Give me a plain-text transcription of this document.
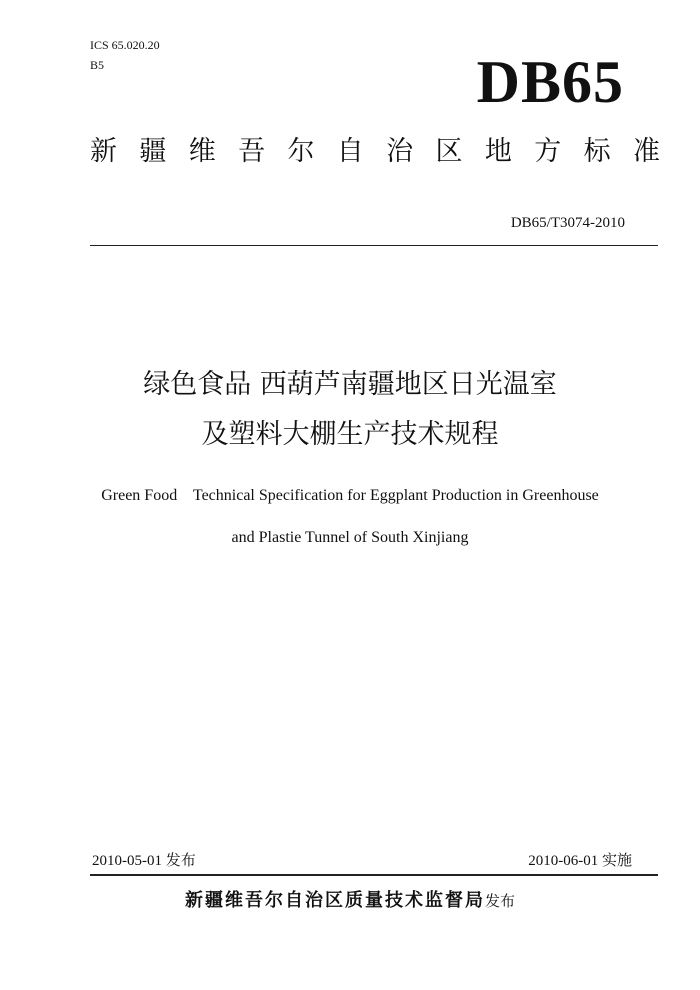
ICS 65.020.20
B5	DB65
新 疆 维 吾 尔 自 治 区 地 方 标 准
DB65/T3074-2010
绿色食品 西葫芦南疆地区日光温室
及塑料大棚生产技术规程
Green Food    Technical Specification for Eggplant Production in Greenhouse
and Plastie Tunnel of South Xinjiang
2010-05-01 发布	2010-06-01 实施
新疆维吾尔自治区质量技术监督局发布
